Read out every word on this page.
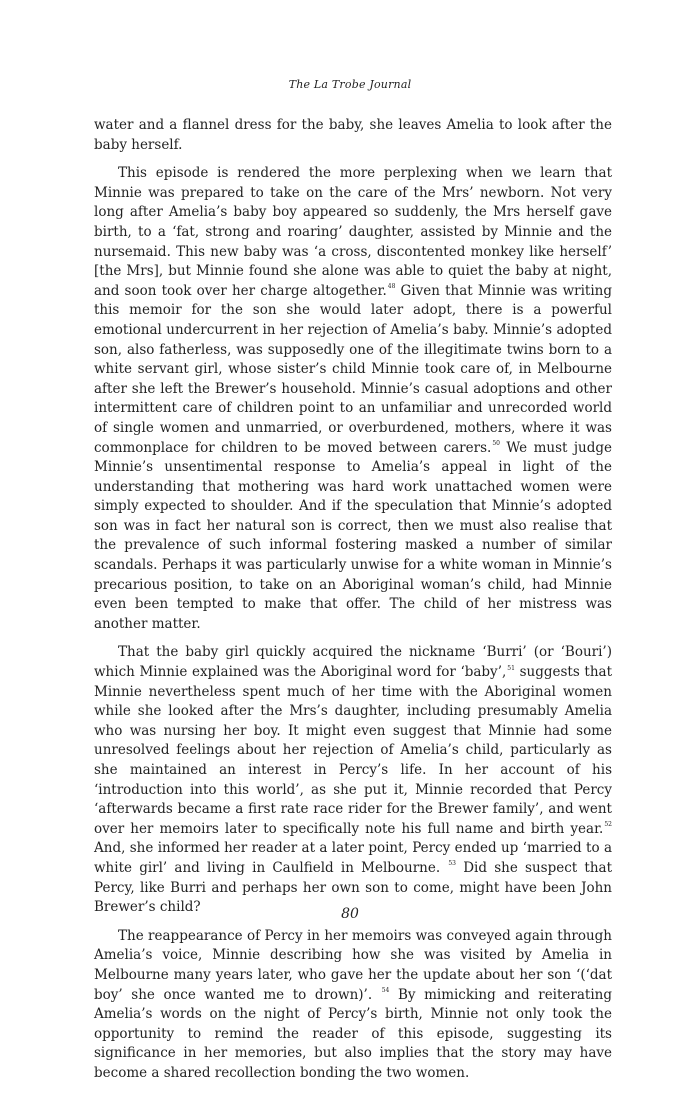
The La Trobe Journal

water and a flannel dress for the baby, she leaves Amelia to look after the baby herself.

This episode is rendered the more perplexing when we learn that Minnie was prepared to take on the care of the Mrs’ newborn. Not very long after Amelia’s baby boy appeared so suddenly, the Mrs herself gave birth, to a ‘fat, strong and roaring’ daughter, assisted by Minnie and the nursemaid. This new baby was ‘a cross, discontented monkey like herself’ [the Mrs], but Minnie found she alone was able to quiet the baby at night, and soon took over her charge altogether.$^{48}$ Given that Minnie was writing this memoir for the son she would later adopt, there is a powerful emotional undercurrent in her rejection of Amelia’s baby. Minnie’s adopted son, also fatherless, was supposedly one of the illegitimate twins born to a white servant girl, whose sister’s child Minnie took care of, in Melbourne after she left the Brewer’s household. Minnie’s casual adoptions and other intermittent care of children point to an unfamiliar and unrecorded world of single women and unmarried, or overburdened, mothers, where it was commonplace for children to be moved between carers.$^{50}$ We must judge Minnie’s unsentimental response to Amelia’s appeal in light of the understanding that mothering was hard work unattached women were simply expected to shoulder. And if the speculation that Minnie’s adopted son was in fact her natural son is correct, then we must also realise that the prevalence of such informal fostering masked a number of similar scandals. Perhaps it was particularly unwise for a white woman in Minnie’s precarious position, to take on an Aboriginal woman’s child, had Minnie even been tempted to make that offer. The child of her mistress was another matter.

That the baby girl quickly acquired the nickname ‘Burri’ (or ‘Bouri’) which Minnie explained was the Aboriginal word for ‘baby’,$^{51}$ suggests that Minnie nevertheless spent much of her time with the Aboriginal women while she looked after the Mrs’s daughter, including presumably Amelia who was nursing her boy. It might even suggest that Minnie had some unresolved feelings about her rejection of Amelia’s child, particularly as she maintained an interest in Percy’s life. In her account of his ‘introduction into this world’, as she put it, Minnie recorded that Percy ‘afterwards became a first rate race rider for the Brewer family’, and went over her memoirs later to specifically note his full name and birth year.$^{52}$ And, she informed her reader at a later point, Percy ended up ‘married to a white girl’ and living in Caulfield in Melbourne. $^{53}$ Did she suspect that Percy, like Burri and perhaps her own son to come, might have been John Brewer’s child?

The reappearance of Percy in her memoirs was conveyed again through Amelia’s voice, Minnie describing how she was visited by Amelia in Melbourne many years later, who gave her the update about her son ‘(‘dat boy’ she once wanted me to drown)’. $^{54}$ By mimicking and reiterating Amelia’s words on the night of Percy’s birth, Minnie not only took the opportunity to remind the reader of this episode, suggesting its significance in her memories, but also implies that the story may have become a shared recollection bonding the two women.

80
